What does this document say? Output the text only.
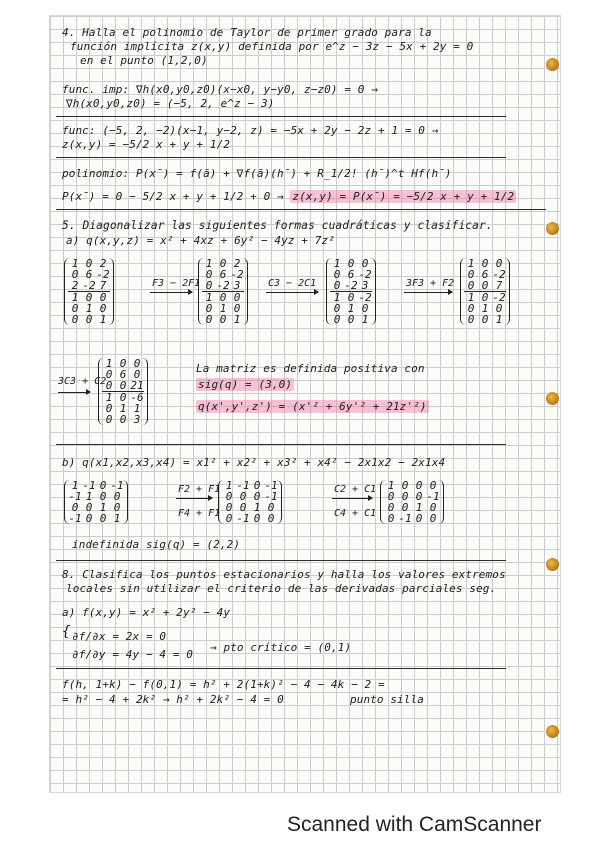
4. Halla el polinomio de Taylor de primer grado para la
función implícita z(x,y) definida por e^z − 3z − 5x + 2y = 0
en el punto (1,2,0)
func. imp: ∇h(x0,y0,z0)(x−x0, y−y0, z−z0) = 0 →
∇h(x0,y0,z0) = (−5, 2, e^z − 3)
func: (−5, 2, −2)(x−1, y−2, z) = −5x + 2y − 2z + 1 = 0 →
z(x,y) = −5/2 x + y + 1/2
polinomio: P(x̄) = f(ā) + ∇f(ā)(h̄) + R_1/2! (h̄)^t Hf(h̄)
P(x̄) = 0 − 5/2 x + y + 1/2 + 0 → z(x,y) = P(x̄) = −5/2 x + y + 1/2
5. Diagonalizar las siguientes formas cuadráticas y clasificar.
a) q(x,y,z) = x² + 4xz + 6y² − 4yz + 7z²
1 0 2
0 6 -2
2 -2 7
1 0 0
0 1 0
0 0 1
F3 − 2F1
1 0 2
0 6 -2
0 -2 3
1 0 0
0 1 0
0 0 1
C3 − 2C1
1 0 0
0 6 -2
0 -2 3
1 0 -2
0 1 0
0 0 1
3F3 + F2
1 0 0
0 6 -2
0 0 7
1 0 -2
0 1 0
0 0 1
3C3 + C2
1 0 0
0 6 0
0 0 21
1 0 -6
0 1 1
0 0 3
La matriz es definida positiva con
sig(q) = (3,0)
q(x',y',z') = (x'² + 6y'² + 21z'²)
b) q(x1,x2,x3,x4) = x1² + x2² + x3² + x4² − 2x1x2 − 2x1x4
1 -1 0 -1
-1 1 0 0
0 0 1 0
-1 0 0 1
F2 + F1
F4 + F1
1 -1 0 -1
0 0 0 -1
0 0 1 0
0 -1 0 0
C2 + C1
C4 + C1
1 0 0 0
0 0 0 -1
0 0 1 0
0 -1 0 0
indefinida sig(q) = (2,2)
8. Clasifica los puntos estacionarios y halla los valores extremos
locales sin utilizar el criterio de las derivadas parciales seg.
a) f(x,y) = x² + 2y² − 4y
{ ∂f/∂x = 2x = 0
∂f/∂y = 4y − 4 = 0
→ pto crítico = (0,1)
f(h, 1+k) − f(0,1) = h² + 2(1+k)² − 4 − 4k − 2 =
= h² − 4 + 2k² → h² + 2k² − 4 = 0	punto silla
Scanned with CamScanner
